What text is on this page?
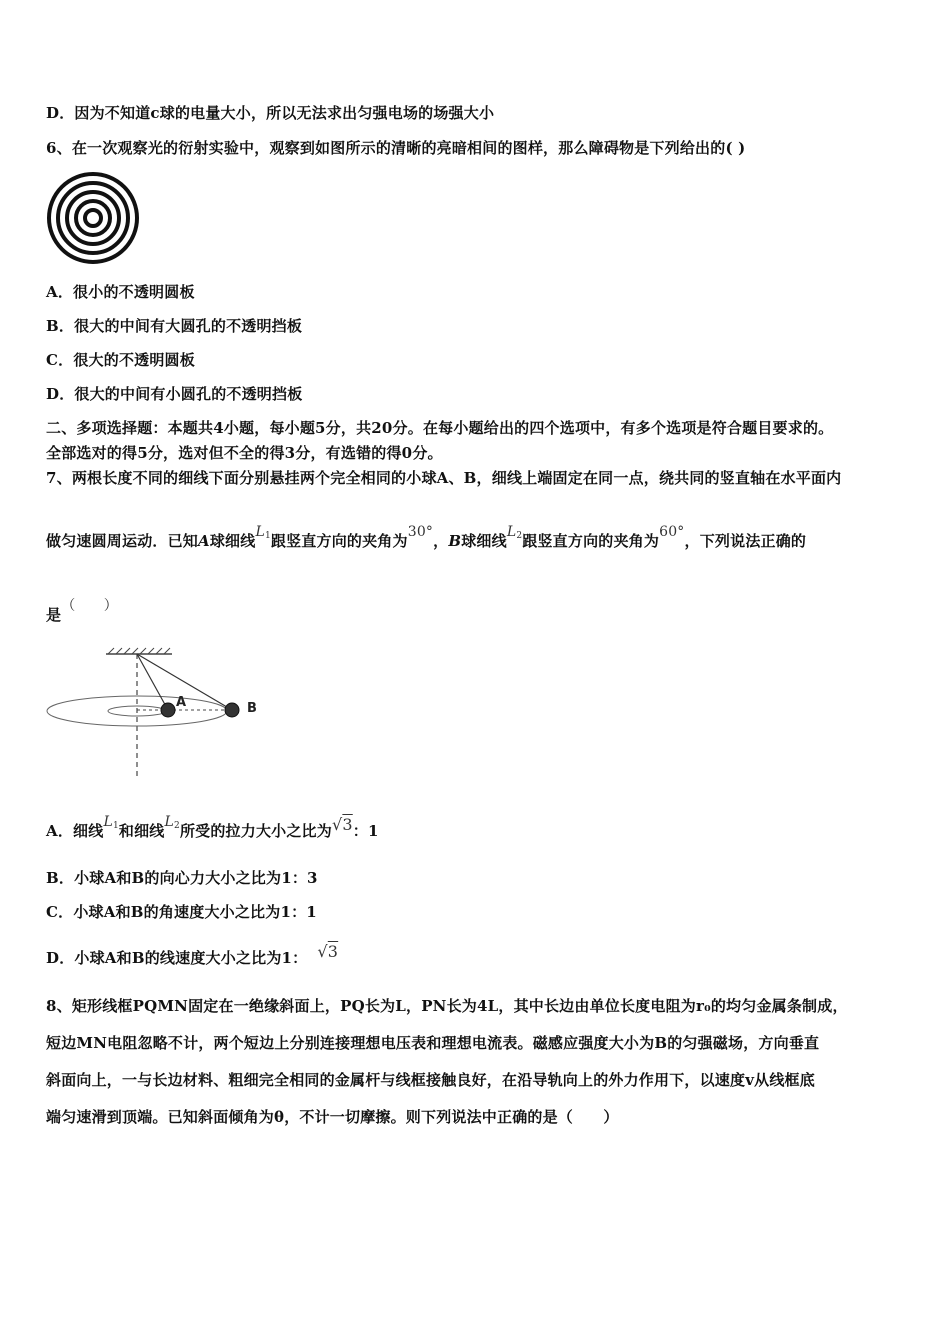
D．因为不知道c球的电量大小，所以无法求出匀强电场的场强大小
6、在一次观察光的衍射实验中，观察到如图所示的清晰的亮暗相间的图样，那么障碍物是下列给出的( )
A．很小的不透明圆板
B．很大的中间有大圆孔的不透明挡板
C．很大的不透明圆板
D．很大的中间有小圆孔的不透明挡板
二、多项选择题：本题共4小题，每小题5分，共20分。在每小题给出的四个选项中，有多个选项是符合题目要求的。
全部选对的得5分，选对但不全的得3分，有选错的得0分。
7、两根长度不同的细线下面分别悬挂两个完全相同的小球A、B，细线上端固定在同一点，绕共同的竖直轴在水平面内
做匀速圆周运动．已知A球细线$L_1$跟竖直方向的夹角为30°，B球细线$L_2$跟竖直方向的夹角为60°，下列说法正确的
是（　　）
A	B
A．细线$L_1$和细线$L_2$所受的拉力大小之比为√3：1
B．小球A和B的向心力大小之比为1：3
C．小球A和B的角速度大小之比为1：1
D．小球A和B的线速度大小之比为1： √3
8、矩形线框PQMN固定在一绝缘斜面上，PQ长为L，PN长为4L，其中长边由单位长度电阻为r₀的均匀金属条制成，
短边MN电阻忽略不计，两个短边上分别连接理想电压表和理想电流表。磁感应强度大小为B的匀强磁场，方向垂直
斜面向上，一与长边材料、粗细完全相同的金属杆与线框接触良好，在沿导轨向上的外力作用下，以速度v从线框底
端匀速滑到顶端。已知斜面倾角为θ，不计一切摩擦。则下列说法中正确的是（　　）
